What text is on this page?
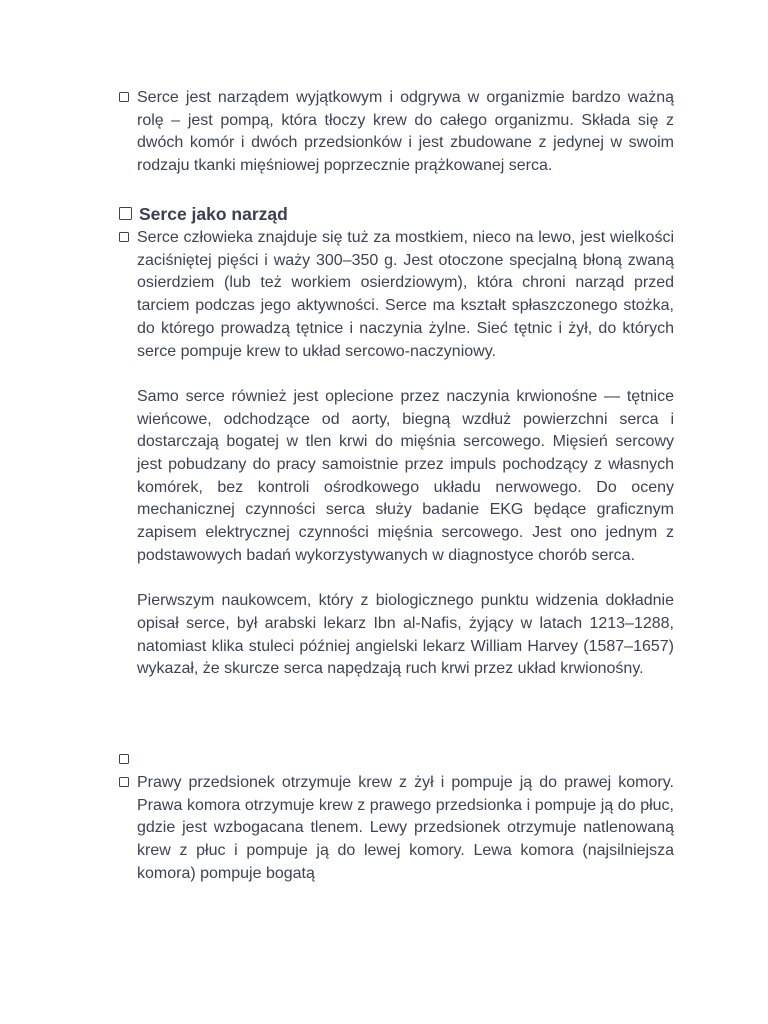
Serce jest narządem wyjątkowym i odgrywa w organizmie bardzo ważną rolę – jest pompą, która tłoczy krew do całego organizmu. Składa się z dwóch komór i dwóch przedsionków i jest zbudowane z jedynej w swoim rodzaju tkanki mięśniowej poprzecznie prążkowanej serca.

Serce jako narząd

Serce człowieka znajduje się tuż za mostkiem, nieco na lewo, jest wielkości zaciśniętej pięści i waży 300–350 g. Jest otoczone specjalną błoną zwaną osierdziem (lub też workiem osierdziowym), która chroni narząd przed tarciem podczas jego aktywności. Serce ma kształt spłaszczonego stożka, do którego prowadzą tętnice i naczynia żylne. Sieć tętnic i żył, do których serce pompuje krew to układ sercowo-naczyniowy.

Samo serce również jest oplecione przez naczynia krwionośne — tętnice wieńcowe, odchodzące od aorty, biegną wzdłuż powierzchni serca i dostarczają bogatej w tlen krwi do mięśnia sercowego. Mięsień sercowy jest pobudzany do pracy samoistnie przez impuls pochodzący z własnych komórek, bez kontroli ośrodkowego układu nerwowego. Do oceny mechanicznej czynności serca służy badanie EKG będące graficznym zapisem elektrycznej czynności mięśnia sercowego. Jest ono jednym z podstawowych badań wykorzystywanych w diagnostyce chorób serca.

Pierwszym naukowcem, który z biologicznego punktu widzenia dokładnie opisał serce, był arabski lekarz Ibn al-Nafis, żyjący w latach 1213–1288, natomiast klika stuleci później angielski lekarz William Harvey (1587–1657) wykazał, że skurcze serca napędzają ruch krwi przez układ krwionośny.

Prawy przedsionek otrzymuje krew z żył i pompuje ją do prawej komory. Prawa komora otrzymuje krew z prawego przedsionka i pompuje ją do płuc, gdzie jest wzbogacana tlenem. Lewy przedsionek otrzymuje natlenowaną krew z płuc i pompuje ją do lewej komory. Lewa komora (najsilniejsza komora) pompuje bogatą
